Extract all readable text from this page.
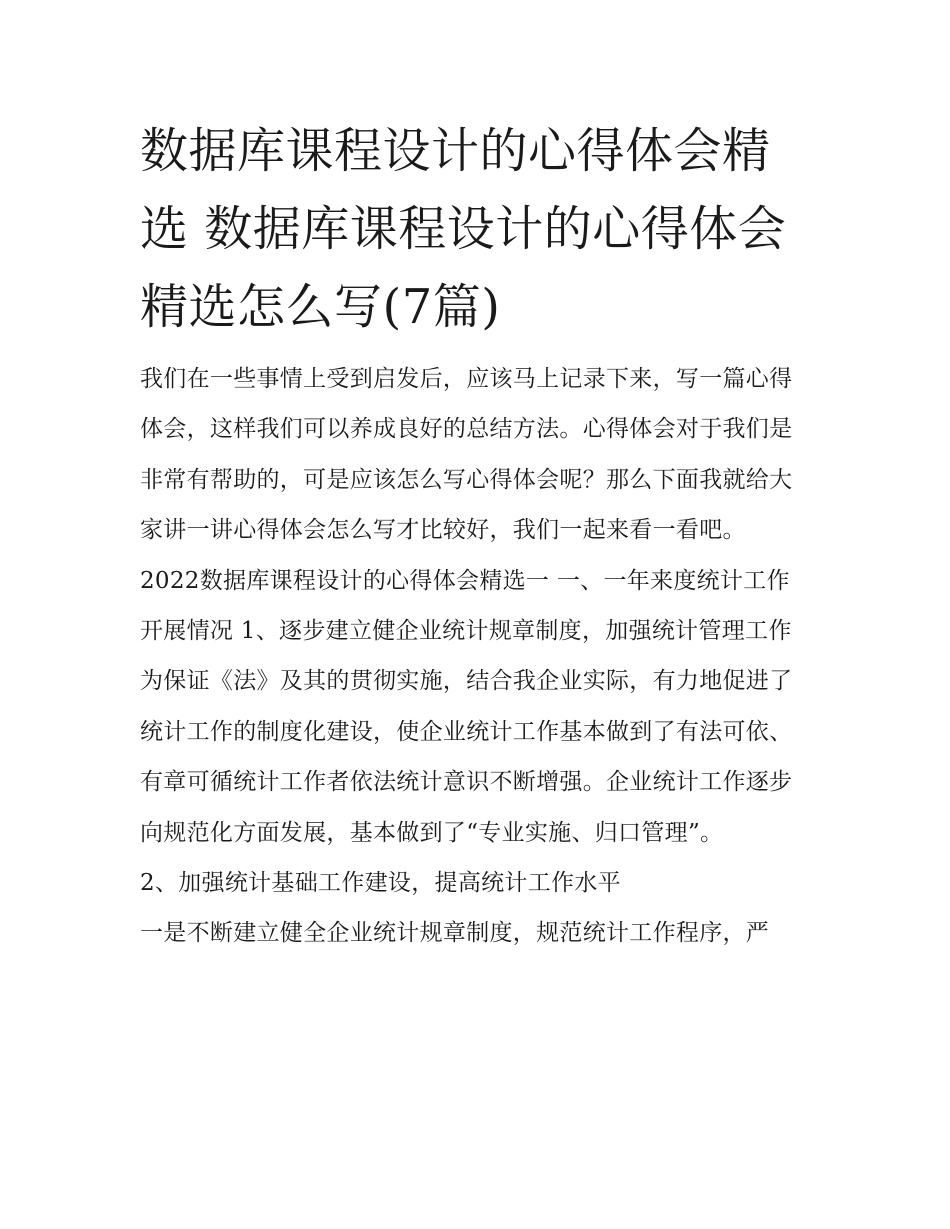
数据库课程设计的心得体会精选 数据库课程设计的心得体会精选怎么写(7篇)

我们在一些事情上受到启发后，应该马上记录下来，写一篇心得体会，这样我们可以养成良好的总结方法。心得体会对于我们是非常有帮助的，可是应该怎么写心得体会呢？那么下面我就给大家讲一讲心得体会怎么写才比较好，我们一起来看一看吧。

2022数据库课程设计的心得体会精选一 一、一年来度统计工作开展情况 1、逐步建立健企业统计规章制度，加强统计管理工作

为保证《法》及其的贯彻实施，结合我企业实际，有力地促进了统计工作的制度化建设，使企业统计工作基本做到了有法可依、有章可循统计工作者依法统计意识不断增强。企业统计工作逐步向规范化方面发展，基本做到了“专业实施、归口管理”。

2、加强统计基础工作建设，提高统计工作水平

一是不断建立健全企业统计规章制度，规范统计工作程序，严
